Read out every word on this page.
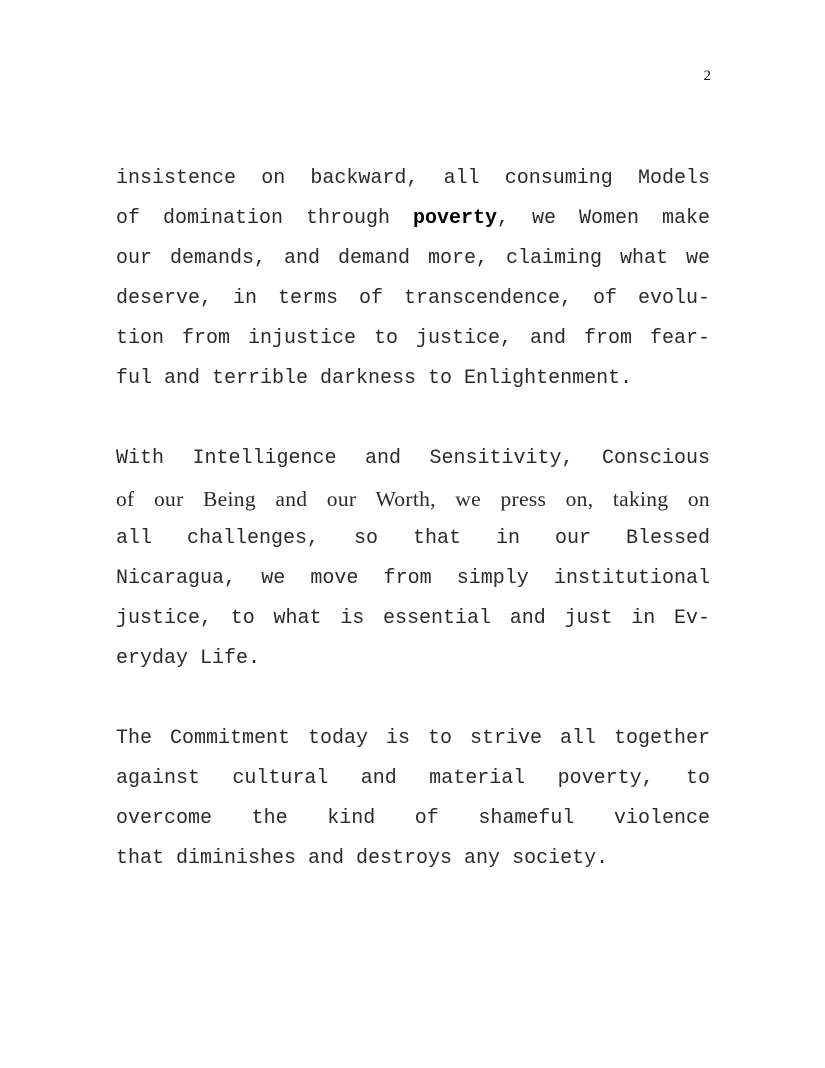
2
insistence on backward, all consuming Models
of domination through poverty, we Women make
our demands, and demand more, claiming what we
deserve, in terms of transcendence, of evolu-
tion from injustice to justice, and from fear-
ful and terrible darkness to Enlightenment.
With Intelligence and Sensitivity, Conscious
of our Being and our Worth, we press on, taking on
all challenges, so that in our Blessed
Nicaragua, we move from simply institutional
justice, to what is essential and just in Ev-
eryday Life.
The Commitment today is to strive all together
against cultural and material poverty, to
overcome the kind of shameful violence
that diminishes and destroys any society.
